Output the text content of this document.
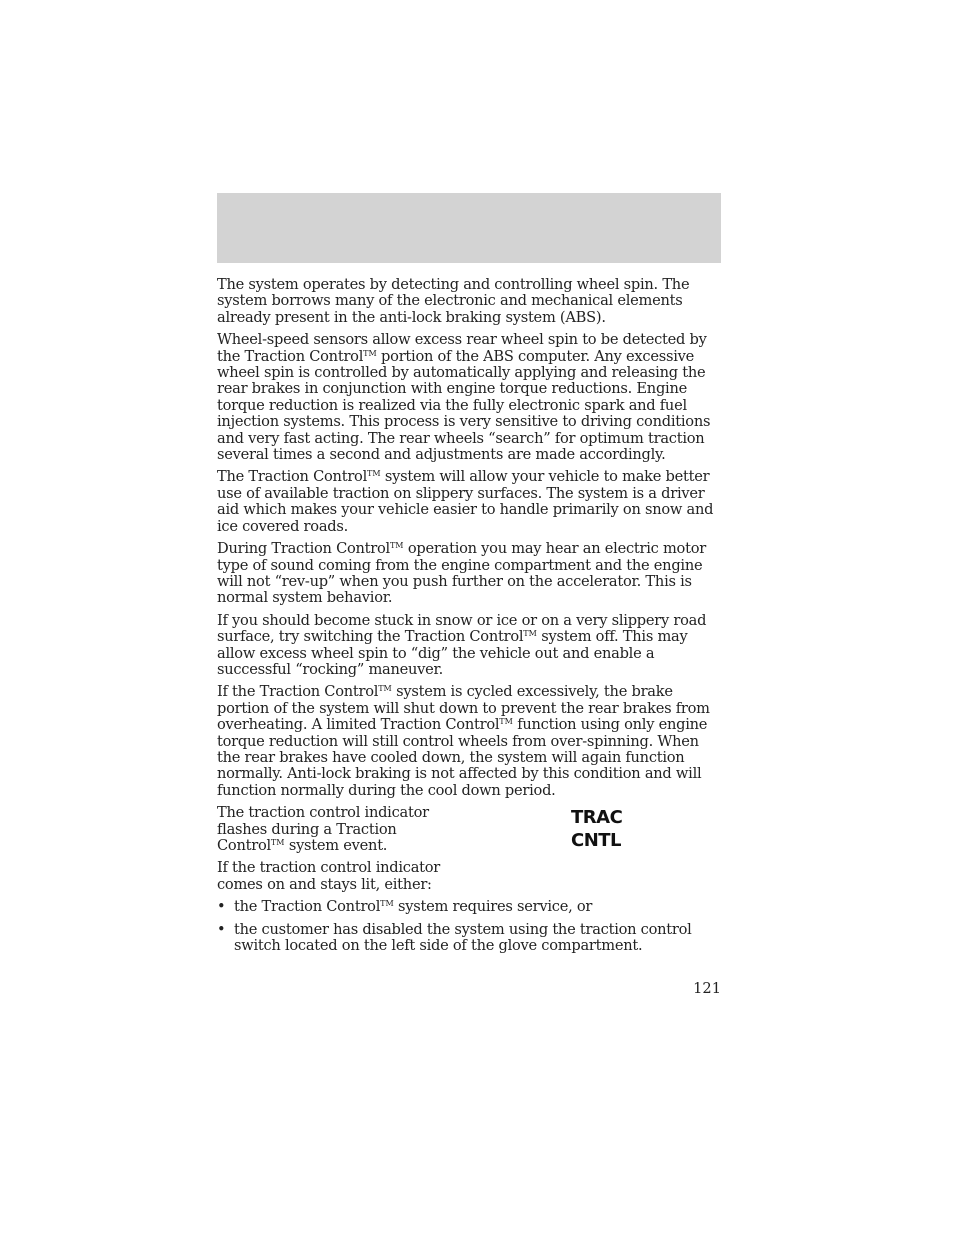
The system operates by detecting and controlling wheel spin. The system borrows many of the electronic and mechanical elements already present in the anti-lock braking system (ABS).

Wheel-speed sensors allow excess rear wheel spin to be detected by the Traction Control™ portion of the ABS computer. Any excessive wheel spin is controlled by automatically applying and releasing the rear brakes in conjunction with engine torque reductions. Engine torque reduction is realized via the fully electronic spark and fuel injection systems. This process is very sensitive to driving conditions and very fast acting. The rear wheels “search” for optimum traction several times a second and adjustments are made accordingly.

The Traction Control™ system will allow your vehicle to make better use of available traction on slippery surfaces. The system is a driver aid which makes your vehicle easier to handle primarily on snow and ice covered roads.

During Traction Control™ operation you may hear an electric motor type of sound coming from the engine compartment and the engine will not “rev-up” when you push further on the accelerator. This is normal system behavior.

If you should become stuck in snow or ice or on a very slippery road surface, try switching the Traction Control™ system off. This may allow excess wheel spin to “dig” the vehicle out and enable a successful “rocking” maneuver.

If the Traction Control™ system is cycled excessively, the brake portion of the system will shut down to prevent the rear brakes from overheating. A limited Traction Control™ function using only engine torque reduction will still control wheels from over-spinning. When the rear brakes have cooled down, the system will again function normally. Anti-lock braking is not affected by this condition and will function normally during the cool down period.

The traction control indicator flashes during a Traction Control™ system event.

If the traction control indicator comes on and stays lit, either:

TRAC
CNTL
• the Traction Control™ system requires service, or
• the customer has disabled the system using the traction control switch located on the left side of the glove compartment.
121
